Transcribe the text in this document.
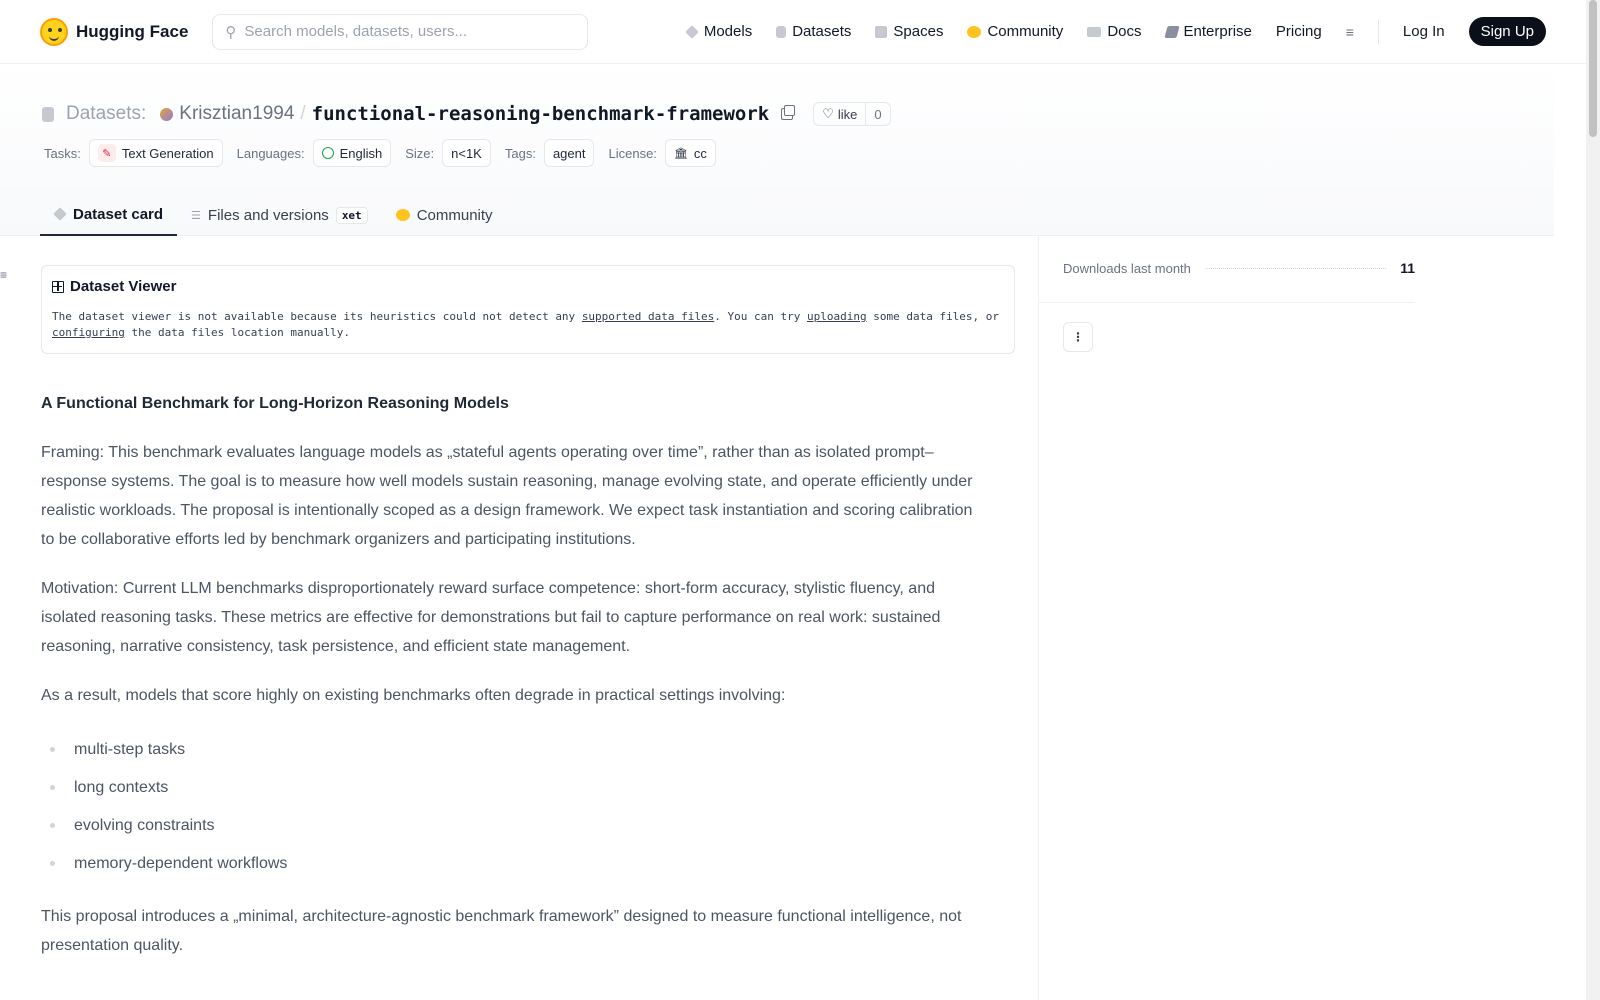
Hugging Face ⚲
Search models, datasets, users...	Models	Datasets	Spaces	Community	Docs	Enterprise Pricing ≡	Log In	Sign Up
Datasets: Krisztian1994 / functional-reasoning-benchmark-framework	♡ like	0
Tasks:	✎ Text Generation Languages:	English Size:	n<1K	Tags:	agent	License: 🏛 cc
Dataset card	☰ Files and versions	xet	Community
≡
Dataset Viewer
The dataset viewer is not available because its heuristics could not detect any supported data files. You can try uploading some data files, or configuring the data files location manually.
A Functional Benchmark for Long-Horizon Reasoning Models

Framing: This benchmark evaluates language models as „stateful agents operating over time”, rather than as isolated prompt–response systems. The goal is to measure how well models sustain reasoning, manage evolving state, and operate efficiently under realistic workloads. The proposal is intentionally scoped as a design framework. We expect task instantiation and scoring calibration to be collaborative efforts led by benchmark organizers and participating institutions.

Motivation: Current LLM benchmarks disproportionately reward surface competence: short-form accuracy, stylistic fluency, and isolated reasoning tasks. These metrics are effective for demonstrations but fail to capture performance on real work: sustained reasoning, narrative consistency, task persistence, and efficient state management.

As a result, models that score highly on existing benchmarks often degrade in practical settings involving:

multi-step tasks
long contexts
evolving constraints
memory-dependent workflows

This proposal introduces a „minimal, architecture-agnostic benchmark framework” designed to measure functional intelligence, not presentation quality.

Downloads last month	11
⋮
